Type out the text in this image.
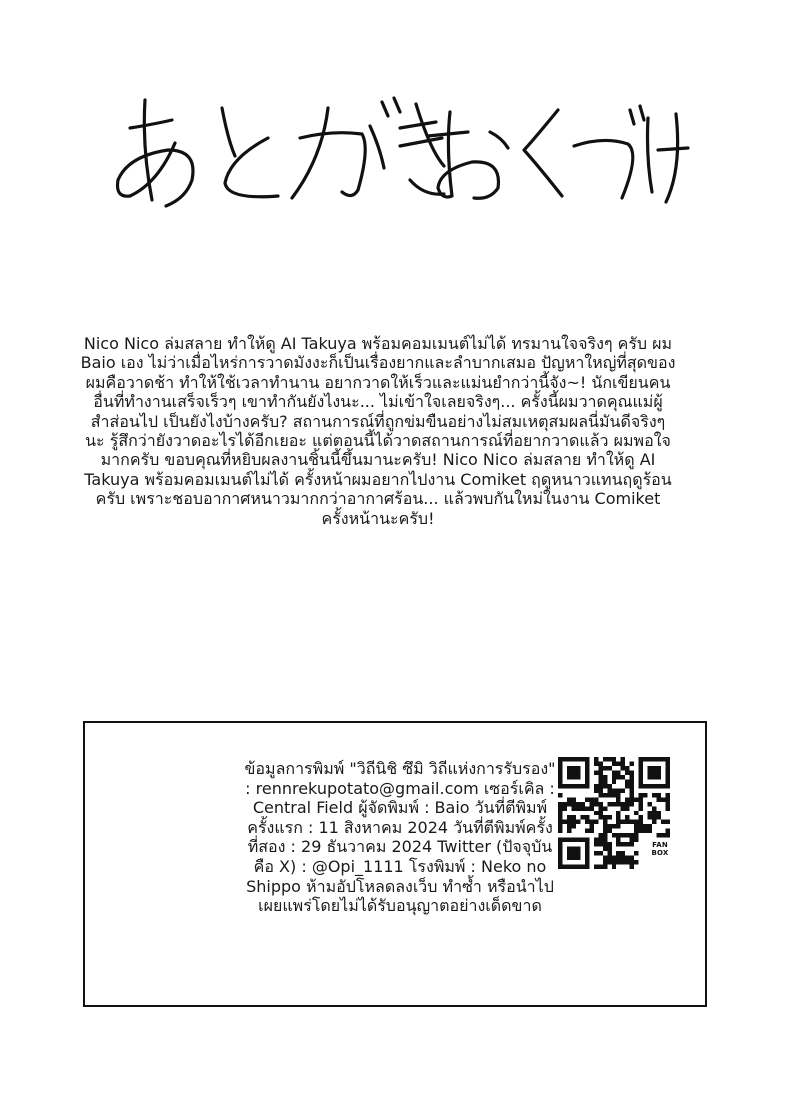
Nico Nico ล่มสลาย ทำให้ดู AI Takuya พร้อมคอมเมนต์ไม่ได้ ทรมานใจจริงๆ ครับ ผม Baio เอง ไม่ว่าเมื่อไหร่การวาดมังงะก็เป็นเรื่องยากและลำบากเสมอ ปัญหาใหญ่ที่สุดของผมคือวาดช้า ทำให้ใช้เวลาทำนาน อยากวาดให้เร็วและแม่นยำกว่านี้จัง~! นักเขียนคนอื่นที่ทำงานเสร็จเร็วๆ เขาทำกันยังไงนะ... ไม่เข้าใจเลยจริงๆ... ครั้งนี้ผมวาดคุณแม่ผู้สำส่อนไป เป็นยังไงบ้างครับ? สถานการณ์ที่ถูกข่มขืนอย่างไม่สมเหตุสมผลนี่มันดีจริงๆ นะ รู้สึกว่ายังวาดอะไรได้อีกเยอะ แต่ตอนนี้ได้วาดสถานการณ์ที่อยากวาดแล้ว ผมพอใจมากครับ ขอบคุณที่หยิบผลงานชิ้นนี้ขึ้นมานะครับ! Nico Nico ล่มสลาย ทำให้ดู AI Takuya พร้อมคอมเมนต์ไม่ได้ ครั้งหน้าผมอยากไปงาน Comiket ฤดูหนาวแทนฤดูร้อนครับ เพราะชอบอากาศหนาวมากกว่าอากาศร้อน... แล้วพบกันใหม่ในงาน Comiket ครั้งหน้านะครับ!

ข้อมูลการพิมพ์ "วิถีนิชิ ซึมิ วิถีแห่งการรับรอง" : rennrekupotato@gmail.com เซอร์เคิล : Central Field ผู้จัดพิมพ์ : Baio วันที่ตีพิมพ์ครั้งแรก : 11 สิงหาคม 2024 วันที่ตีพิมพ์ครั้งที่สอง : 29 ธันวาคม 2024 Twitter (ปัจจุบันคือ X) : @Opi_1111 โรงพิมพ์ : Neko no Shippo ห้ามอัปโหลดลงเว็บ ทำซ้ำ หรือนำไปเผยแพร่โดยไม่ได้รับอนุญาตอย่างเด็ดขาด

FAN BOX
